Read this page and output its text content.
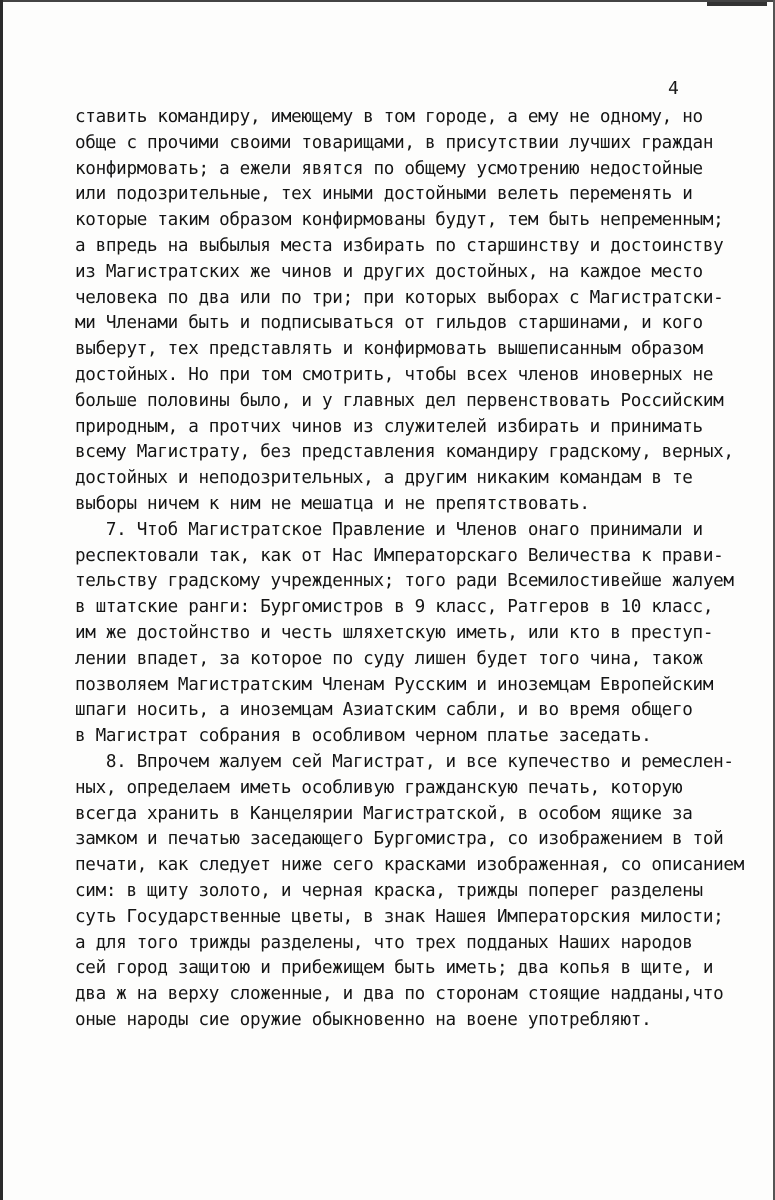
4
ставить командиру, имеющему в том городе, а ему не одному, но
обще с прочими своими товарищами, в присутствии лучших граждан
конфирмовать; а ежели явятся по общему усмотрению недостойные
или подозрительные, тех иными достойными велеть переменять и
которые таким образом конфирмованы будут, тем быть непременным;
а впредь на выбылыя места избирать по старшинству и достоинству
из Магистратских же чинов и других достойных, на каждое место
человека по два или по три; при которых выборах с Магистратски-
ми Членами быть и подписываться от гильдов старшинами, и кого
выберут, тех представлять и конфирмовать вышеписанным образом
достойных. Но при том смотрить, чтобы всех членов иноверных не
больше половины было, и у главных дел первенствовать Российским
природным, а протчих чинов из служителей избирать и принимать
всему Магистрату, без представления командиру градскому, верных,
достойных и неподозрительных, а другим никаким командам в те
выборы ничем к ним не мешатца и не препятствовать.
7. Чтоб Магистратское Правление и Членов онаго принимали и
респектовали так, как от Нас Императорскаго Величества к прави-
тельству градскому учрежденных; того ради Всемилостивейше жалуем
в штатские ранги: Бургомистров в 9 класс, Ратгеров в 10 класс,
им же достойнство и честь шляхетскую иметь, или кто в преступ-
лении впадет, за которое по суду лишен будет того чина, також
позволяем Магистратским Членам Русским и иноземцам Европейским
шпаги носить, а иноземцам Азиатским сабли, и во время общего
в Магистрат собрания в особливом черном платье заседать.
8. Впрочем жалуем сей Магистрат, и все купечество и ремеслен-
ных, определаем иметь особливую гражданскую печать, которую
всегда хранить в Канцелярии Магистратской, в особом ящике за
замком и печатью заседающего Бургомистра, со изображением в той
печати, как следует ниже сего красками изображенная, со описанием
сим: в щиту золото, и черная краска, трижды поперег разделены
суть Государственные цветы, в знак Нашея Императорския милости;
а для того трижды разделены, что трех подданых Наших народов
сей город защитою и прибежищем быть иметь; два копья в щите, и
два ж на верху сложенные, и два по сторонам стоящие надданы,что
оные народы сие оружие обыкновенно на воене употребляют.
